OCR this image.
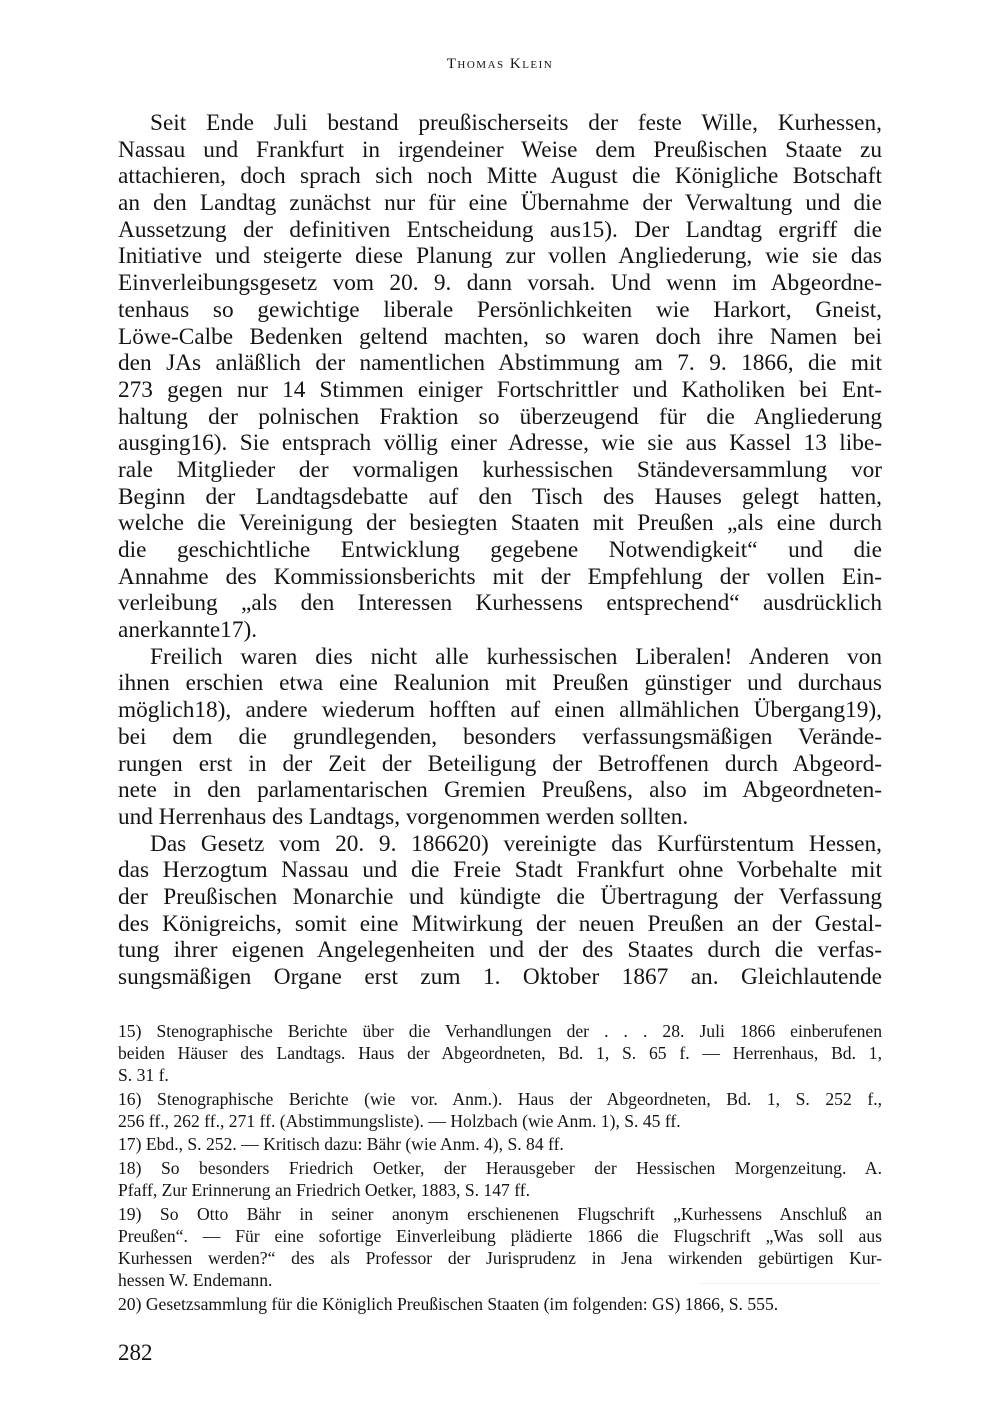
Thomas Klein
Seit Ende Juli bestand preußischerseits der feste Wille, Kurhessen,
Nassau und Frankfurt in irgendeiner Weise dem Preußischen Staate zu
attachieren, doch sprach sich noch Mitte August die Königliche Botschaft
an den Landtag zunächst nur für eine Übernahme der Verwaltung und die
Aussetzung der definitiven Entscheidung aus15). Der Landtag ergriff die
Initiative und steigerte diese Planung zur vollen Angliederung, wie sie das
Einverleibungsgesetz vom 20. 9. dann vorsah. Und wenn im Abgeordne-
tenhaus so gewichtige liberale Persönlichkeiten wie Harkort, Gneist,
Löwe-Calbe Bedenken geltend machten, so waren doch ihre Namen bei
den JAs anläßlich der namentlichen Abstimmung am 7. 9. 1866, die mit
273 gegen nur 14 Stimmen einiger Fortschrittler und Katholiken bei Ent-
haltung der polnischen Fraktion so überzeugend für die Angliederung
ausging16). Sie entsprach völlig einer Adresse, wie sie aus Kassel 13 libe-
rale Mitglieder der vormaligen kurhessischen Ständeversammlung vor
Beginn der Landtagsdebatte auf den Tisch des Hauses gelegt hatten,
welche die Vereinigung der besiegten Staaten mit Preußen „als eine durch
die geschichtliche Entwicklung gegebene Notwendigkeit“ und die
Annahme des Kommissionsberichts mit der Empfehlung der vollen Ein-
verleibung „als den Interessen Kurhessens entsprechend“ ausdrücklich
anerkannte17).
Freilich waren dies nicht alle kurhessischen Liberalen! Anderen von
ihnen erschien etwa eine Realunion mit Preußen günstiger und durchaus
möglich18), andere wiederum hofften auf einen allmählichen Übergang19),
bei dem die grundlegenden, besonders verfassungsmäßigen Verände-
rungen erst in der Zeit der Beteiligung der Betroffenen durch Abgeord-
nete in den parlamentarischen Gremien Preußens, also im Abgeordneten-
und Herrenhaus des Landtags, vorgenommen werden sollten.
Das Gesetz vom 20. 9. 186620) vereinigte das Kurfürstentum Hessen,
das Herzogtum Nassau und die Freie Stadt Frankfurt ohne Vorbehalte mit
der Preußischen Monarchie und kündigte die Übertragung der Verfassung
des Königreichs, somit eine Mitwirkung der neuen Preußen an der Gestal-
tung ihrer eigenen Angelegenheiten und der des Staates durch die verfas-
sungsmäßigen Organe erst zum 1. Oktober 1867 an. Gleichlautende
15) Stenographische Berichte über die Verhandlungen der . . . 28. Juli 1866 einberufenen
beiden Häuser des Landtags. Haus der Abgeordneten, Bd. 1, S. 65 f. — Herrenhaus, Bd. 1,
S. 31 f.
16) Stenographische Berichte (wie vor. Anm.). Haus der Abgeordneten, Bd. 1, S. 252 f.,
256 ff., 262 ff., 271 ff. (Abstimmungsliste). — Holzbach (wie Anm. 1), S. 45 ff.
17) Ebd., S. 252. — Kritisch dazu: Bähr (wie Anm. 4), S. 84 ff.
18) So besonders Friedrich Oetker, der Herausgeber der Hessischen Morgenzeitung. A.
Pfaff, Zur Erinnerung an Friedrich Oetker, 1883, S. 147 ff.
19) So Otto Bähr in seiner anonym erschienenen Flugschrift „Kurhessens Anschluß an
Preußen“. — Für eine sofortige Einverleibung plädierte 1866 die Flugschrift „Was soll aus
Kurhessen werden?“ des als Professor der Jurisprudenz in Jena wirkenden gebürtigen Kur-
hessen W. Endemann.
20) Gesetzsammlung für die Königlich Preußischen Staaten (im folgenden: GS) 1866, S. 555.
282
